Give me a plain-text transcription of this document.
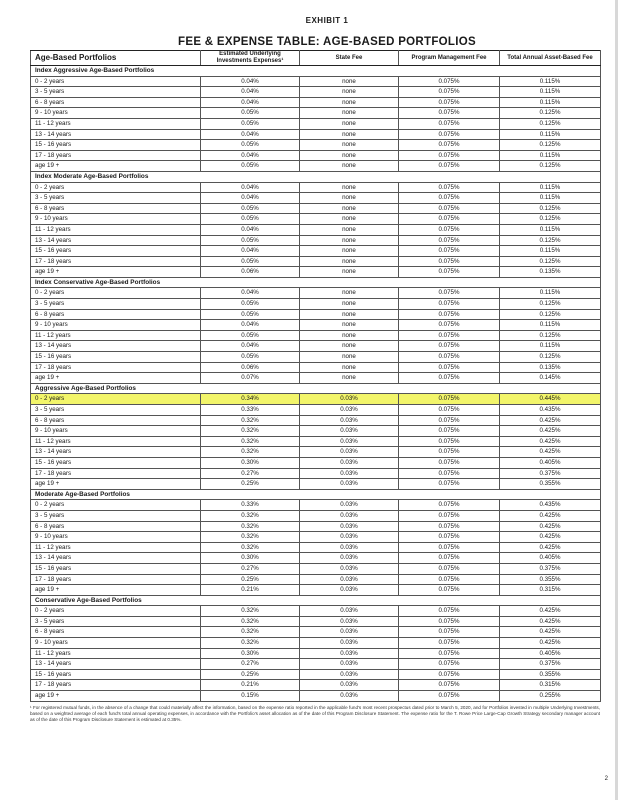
EXHIBIT 1
FEE & EXPENSE TABLE: AGE-BASED PORTFOLIOS
Age-Based Portfolios	Estimated Underlying Investments Expenses¹	State Fee	Program Management Fee	Total Annual Asset-Based Fee
Index Aggressive Age-Based Portfolios				
0 - 2 years	0.04%	none	0.075%	0.115%
3 - 5 years	0.04%	none	0.075%	0.115%
6 - 8 years	0.04%	none	0.075%	0.115%
9 - 10 years	0.05%	none	0.075%	0.125%
11 - 12 years	0.05%	none	0.075%	0.125%
13 - 14 years	0.04%	none	0.075%	0.115%
15 - 16 years	0.05%	none	0.075%	0.125%
17 - 18 years	0.04%	none	0.075%	0.115%
age 19 +	0.05%	none	0.075%	0.125%
Index Moderate Age-Based Portfolios				
0 - 2 years	0.04%	none	0.075%	0.115%
3 - 5 years	0.04%	none	0.075%	0.115%
6 - 8 years	0.05%	none	0.075%	0.125%
9 - 10 years	0.05%	none	0.075%	0.125%
11 - 12 years	0.04%	none	0.075%	0.115%
13 - 14 years	0.05%	none	0.075%	0.125%
15 - 16 years	0.04%	none	0.075%	0.115%
17 - 18 years	0.05%	none	0.075%	0.125%
age 19 +	0.06%	none	0.075%	0.135%
Index Conservative Age-Based Portfolios				
0 - 2 years	0.04%	none	0.075%	0.115%
3 - 5 years	0.05%	none	0.075%	0.125%
6 - 8 years	0.05%	none	0.075%	0.125%
9 - 10 years	0.04%	none	0.075%	0.115%
11 - 12 years	0.05%	none	0.075%	0.125%
13 - 14 years	0.04%	none	0.075%	0.115%
15 - 16 years	0.05%	none	0.075%	0.125%
17 - 18 years	0.06%	none	0.075%	0.135%
age 19 +	0.07%	none	0.075%	0.145%
Aggressive Age-Based Portfolios				
0 - 2 years	0.34%	0.03%	0.075%	0.445%
3 - 5 years	0.33%	0.03%	0.075%	0.435%
6 - 8 years	0.32%	0.03%	0.075%	0.425%
9 - 10 years	0.32%	0.03%	0.075%	0.425%
11 - 12 years	0.32%	0.03%	0.075%	0.425%
13 - 14 years	0.32%	0.03%	0.075%	0.425%
15 - 16 years	0.30%	0.03%	0.075%	0.405%
17 - 18 years	0.27%	0.03%	0.075%	0.375%
age 19 +	0.25%	0.03%	0.075%	0.355%
Moderate Age-Based Portfolios				
0 - 2 years	0.33%	0.03%	0.075%	0.435%
3 - 5 years	0.32%	0.03%	0.075%	0.425%
6 - 8 years	0.32%	0.03%	0.075%	0.425%
9 - 10 years	0.32%	0.03%	0.075%	0.425%
11 - 12 years	0.32%	0.03%	0.075%	0.425%
13 - 14 years	0.30%	0.03%	0.075%	0.405%
15 - 16 years	0.27%	0.03%	0.075%	0.375%
17 - 18 years	0.25%	0.03%	0.075%	0.355%
age 19 +	0.21%	0.03%	0.075%	0.315%
Conservative Age-Based Portfolios				
0 - 2 years	0.32%	0.03%	0.075%	0.425%
3 - 5 years	0.32%	0.03%	0.075%	0.425%
6 - 8 years	0.32%	0.03%	0.075%	0.425%
9 - 10 years	0.32%	0.03%	0.075%	0.425%
11 - 12 years	0.30%	0.03%	0.075%	0.405%
13 - 14 years	0.27%	0.03%	0.075%	0.375%
15 - 16 years	0.25%	0.03%	0.075%	0.355%
17 - 18 years	0.21%	0.03%	0.075%	0.315%
age 19 +	0.15%	0.03%	0.075%	0.255%
¹ For registered mutual funds, in the absence of a change that could materially affect the information, based on the expense ratio reported in the applicable fund's most recent prospectus dated prior to March 5, 2020, and for Portfolios invested in multiple Underlying Investments, based on a weighted average of each fund's total annual operating expenses, in accordance with the Portfolio's asset allocation as of the date of this Program Disclosure Statement. The expense ratio for the T. Rowe Price Large-Cap Growth Strategy secondary manager account as of the date of this Program Disclosure Statement is estimated at 0.35%.
2
